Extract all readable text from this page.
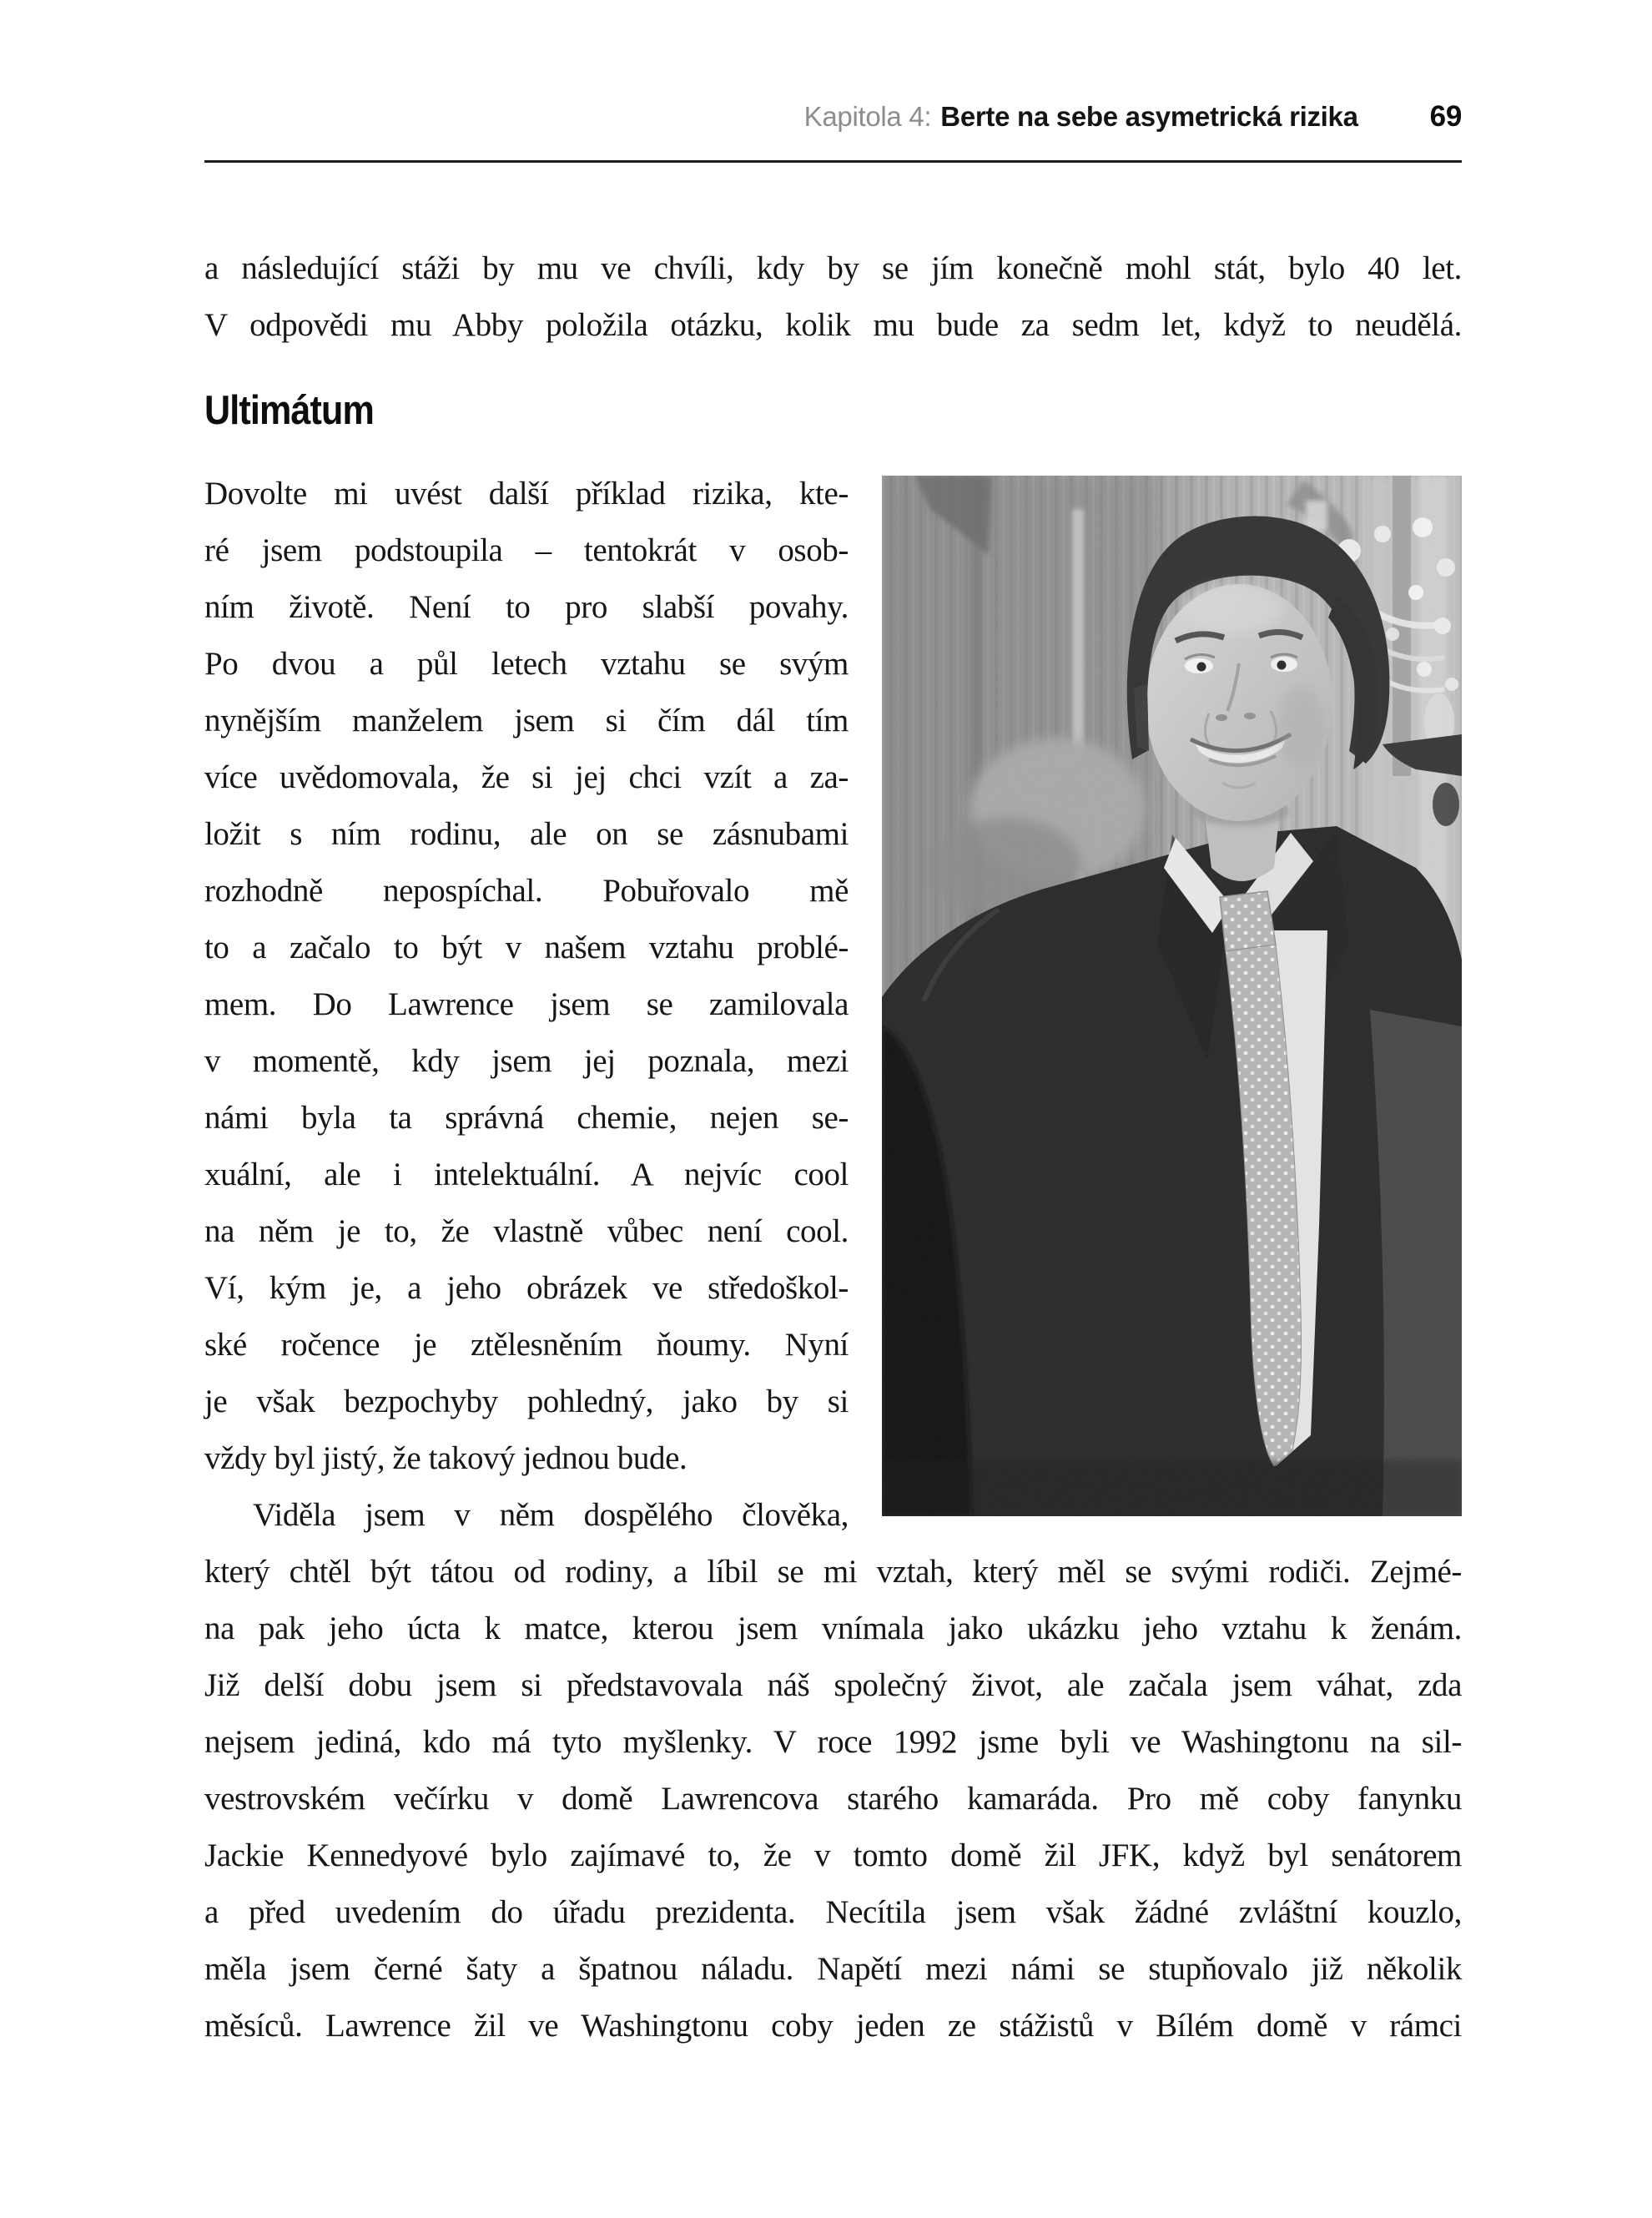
Kapitola 4: Berte na sebe asymetrická rizika 69
a následující stáži by mu ve chvíli, kdy by se jím konečně mohl stát, bylo 40 let.
V odpovědi mu Abby položila otázku, kolik mu bude za sedm let, když to neudělá.
Ultimátum
Dovolte mi uvést další příklad rizika, kte-
ré jsem podstoupila – tentokrát v osob-
ním životě. Není to pro slabší povahy.
Po dvou a půl letech vztahu se svým
nynějším manželem jsem si čím dál tím
více uvědomovala, že si jej chci vzít a za-
ložit s ním rodinu, ale on se zásnubami
rozhodně nepospíchal. Pobuřovalo mě
to a začalo to být v našem vztahu problé-
mem. Do Lawrence jsem se zamilovala
v momentě, kdy jsem jej poznala, mezi
námi byla ta správná chemie, nejen se-
xuální, ale i intelektuální. A nejvíc cool
na něm je to, že vlastně vůbec není cool.
Ví, kým je, a jeho obrázek ve středoškol-
ské ročence je ztělesněním ňoumy. Nyní
je však bezpochyby pohledný, jako by si
vždy byl jistý, že takový jednou bude.
Viděla jsem v něm dospělého člověka,
který chtěl být tátou od rodiny, a líbil se mi vztah, který měl se svými rodiči. Zejmé-
na pak jeho úcta k matce, kterou jsem vnímala jako ukázku jeho vztahu k ženám.
Již delší dobu jsem si představovala náš společný život, ale začala jsem váhat, zda
nejsem jediná, kdo má tyto myšlenky. V roce 1992 jsme byli ve Washingtonu na sil-
vestrovském večírku v domě Lawrencova starého kamaráda. Pro mě coby fanynku
Jackie Kennedyové bylo zajímavé to, že v tomto domě žil JFK, když byl senátorem
a před uvedením do úřadu prezidenta. Necítila jsem však žádné zvláštní kouzlo,
měla jsem černé šaty a špatnou náladu. Napětí mezi námi se stupňovalo již několik
měsíců. Lawrence žil ve Washingtonu coby jeden ze stážistů v Bílém domě v rámci
